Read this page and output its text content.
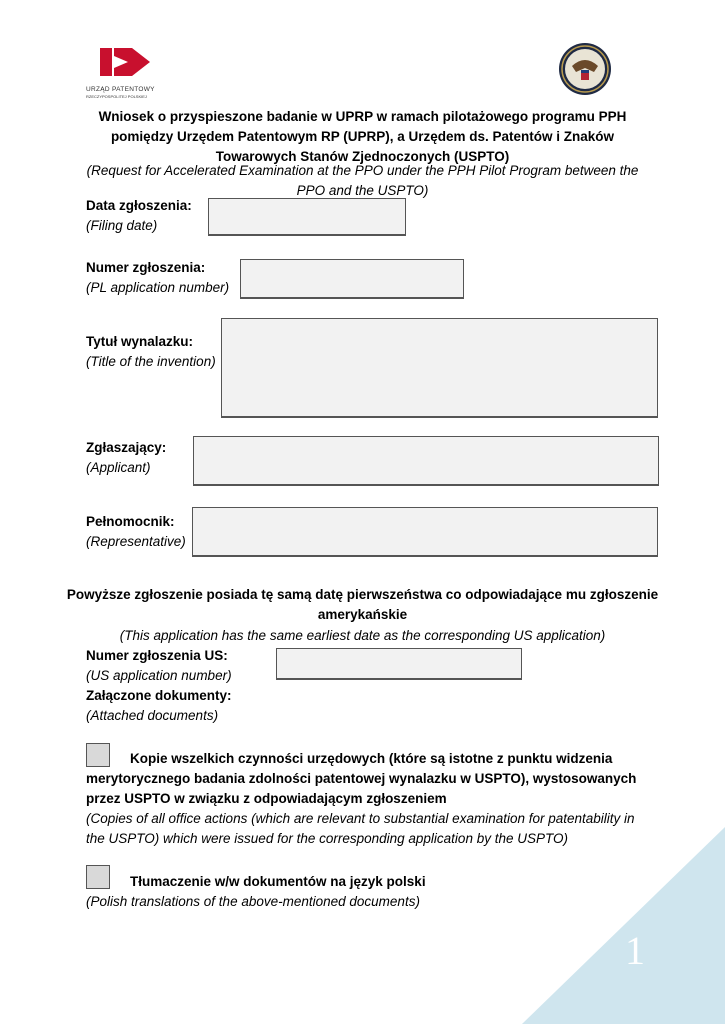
URZĄD PATENTOWY
RZECZYPOSPOLITEJ POLSKIEJ
Wniosek o przyspieszone badanie w UPRP w ramach pilotażowego programu PPH
pomiędzy Urzędem Patentowym RP (UPRP), a Urzędem ds. Patentów i Znaków
Towarowych Stanów Zjednoczonych (USPTO)
(Request for Accelerated Examination at the PPO under the PPH Pilot Program between the
PPO and the USPTO)
Data zgłoszenia:
(Filing date)
Numer zgłoszenia:
(PL application number)
Tytuł wynalazku:
(Title of the invention)
Zgłaszający:
(Applicant)
Pełnomocnik:
(Representative)
Powyższe zgłoszenie posiada tę samą datę pierwszeństwa co odpowiadające mu zgłoszenie
amerykańskie
(This application has the same earliest date as the corresponding US application)
Numer zgłoszenia US:
(US application number)
Załączone dokumenty:
(Attached documents)
Kopie wszelkich czynności urzędowych (które są istotne z punktu widzenia
merytorycznego badania zdolności patentowej wynalazku w USPTO), wystosowanych
przez USPTO w związku z odpowiadającym zgłoszeniem
(Copies of all office actions (which are relevant to substantial examination for patentability in
the USPTO) which were issued for the corresponding application by the USPTO)
Tłumaczenie w/w dokumentów na język polski
(Polish translations of the above-mentioned documents)
1
